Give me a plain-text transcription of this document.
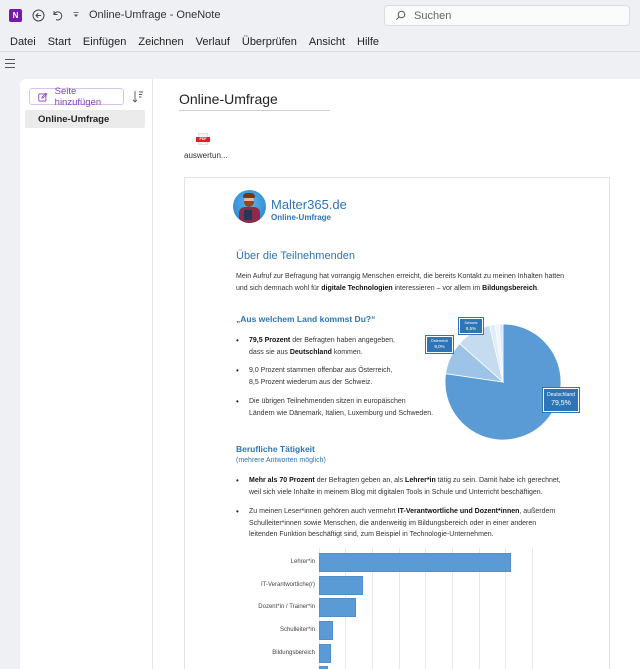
N	Online-Umfrage - OneNote	Suchen
Datei Start Einfügen Zeichnen Verlauf Überprüfen Ansicht Hilfe
Seite hinzufügen
Online-Umfrage
Online-Umfrage
PDF
auswertun...
Malter365.de
Online-Umfrage
Über die Teilnehmenden
Mein Aufruf zur Befragung hat vorrangig Menschen erreicht, die bereits Kontakt zu meinen Inhalten hatten und sich demnach wohl für digitale Technologien interessieren – vor allem im Bildungsbereich.
„Aus welchem Land kommst Du?“
• 79,5 Prozent der Befragten haben angegeben,
dass sie aus Deutschland kommen.
• 9,0 Prozent stammen offenbar aus Österreich,
8,5 Prozent wiederum aus der Schweiz.
• Die übrigen Teilnehmenden sitzen in europäischen
Ländern wie Dänemark, Italien, Luxemburg und Schweden.
Schweiz
8,5%
Österreich
9,0%
Deutschland
79,5%
Berufliche Tätigkeit
(mehrere Antworten möglich)
• Mehr als 70 Prozent der Befragten geben an, als Lehrer*in tätig zu sein. Damit habe ich gerechnet,
weil sich viele Inhalte in meinem Blog mit digitalen Tools in Schule und Unterricht beschäftigen.
• Zu meinen Leser*innen gehören auch vermehrt IT-Verantwortliche und Dozent*innen, außerdem
Schulleiter*innen sowie Menschen, die anderweitig im Bildungsbereich oder in einer anderen
leitenden Funktion beschäftigt sind, zum Beispiel in Technologie-Unternehmen.
Lehrer*in
IT-Verantwortliche(r)
Dozent*in / Trainer*in
Schulleiter*in
Bildungsbereich
